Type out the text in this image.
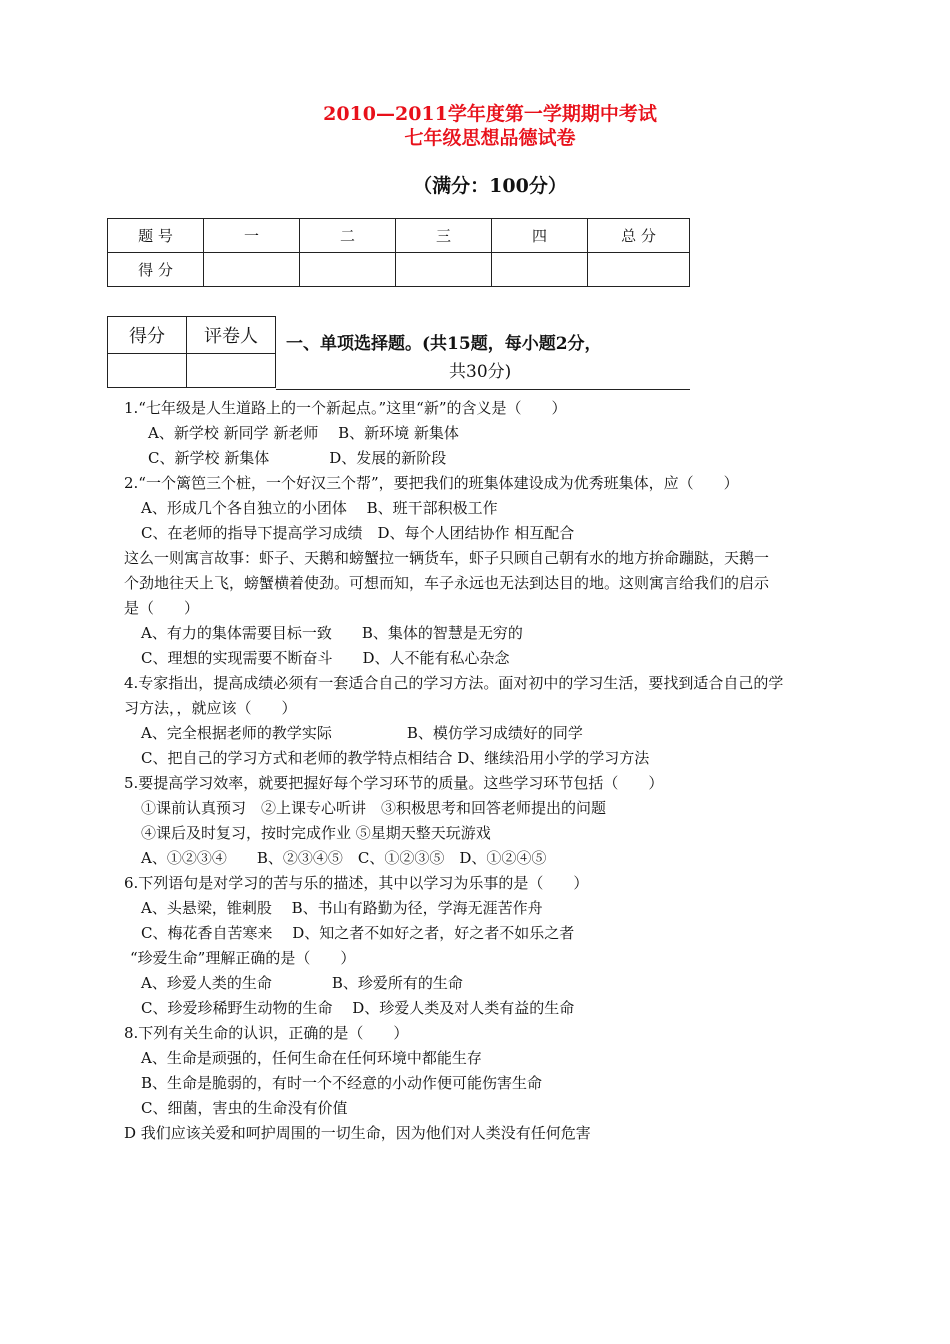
2010—2011学年度第一学期期中考试
七年级思想品德试卷
（满分：100分）
题 号	一	二	三	四	总 分
得 分					
得分	评卷人
	一、单项选择题。(共15题，每小题2分，
共30分)
1.“七年级是人生道路上的一个新起点。”这里“新”的含义是（　　）
A、新学校 新同学 新老师　 B、新环境 新集体
C、新学校 新集体　　　　D、发展的新阶段
2.“一个篱笆三个桩，一个好汉三个帮”，要把我们的班集体建设成为优秀班集体，应（　　）
A、形成几个各自独立的小团体　 B、班干部积极工作
C、在老师的指导下提高学习成绩　D、每个人团结协作 相互配合
这么一则寓言故事：虾子、天鹅和螃蟹拉一辆货车，虾子只顾自己朝有水的地方拚命蹦跶，天鹅一
个劲地往天上飞，螃蟹横着使劲。可想而知，车子永远也无法到达目的地。这则寓言给我们的启示
是（　　）
A、有力的集体需要目标一致　　B、集体的智慧是无穷的
C、理想的实现需要不断奋斗　　D、人不能有私心杂念
4.专家指出，提高成绩必须有一套适合自己的学习方法。面对初中的学习生活，要找到适合自己的学
习方法，，就应该（　　）
A、完全根据老师的教学实际　　　　　B、模仿学习成绩好的同学
C、把自己的学习方式和老师的教学特点相结合 D、继续沿用小学的学习方法
5.要提高学习效率，就要把握好每个学习环节的质量。这些学习环节包括（　　）
①课前认真预习　②上课专心听讲　③积极思考和回答老师提出的问题
④课后及时复习，按时完成作业 ⑤星期天整天玩游戏
A、①②③④　　B、②③④⑤　C、①②③⑤　D、①②④⑤
6.下列语句是对学习的苦与乐的描述，其中以学习为乐事的是（　　）
A、头悬梁，锥刺股　 B、书山有路勤为径，学海无涯苦作舟
C、梅花香自苦寒来　 D、知之者不如好之者，好之者不如乐之者
“珍爱生命”理解正确的是（　　）
A、珍爱人类的生命　　　　B、珍爱所有的生命
C、珍爱珍稀野生动物的生命　 D、珍爱人类及对人类有益的生命
8.下列有关生命的认识，正确的是（　　）
A、生命是顽强的，任何生命在任何环境中都能生存
B、生命是脆弱的，有时一个不经意的小动作便可能伤害生命
C、细菌，害虫的生命没有价值
D 我们应该关爱和呵护周围的一切生命，因为他们对人类没有任何危害
